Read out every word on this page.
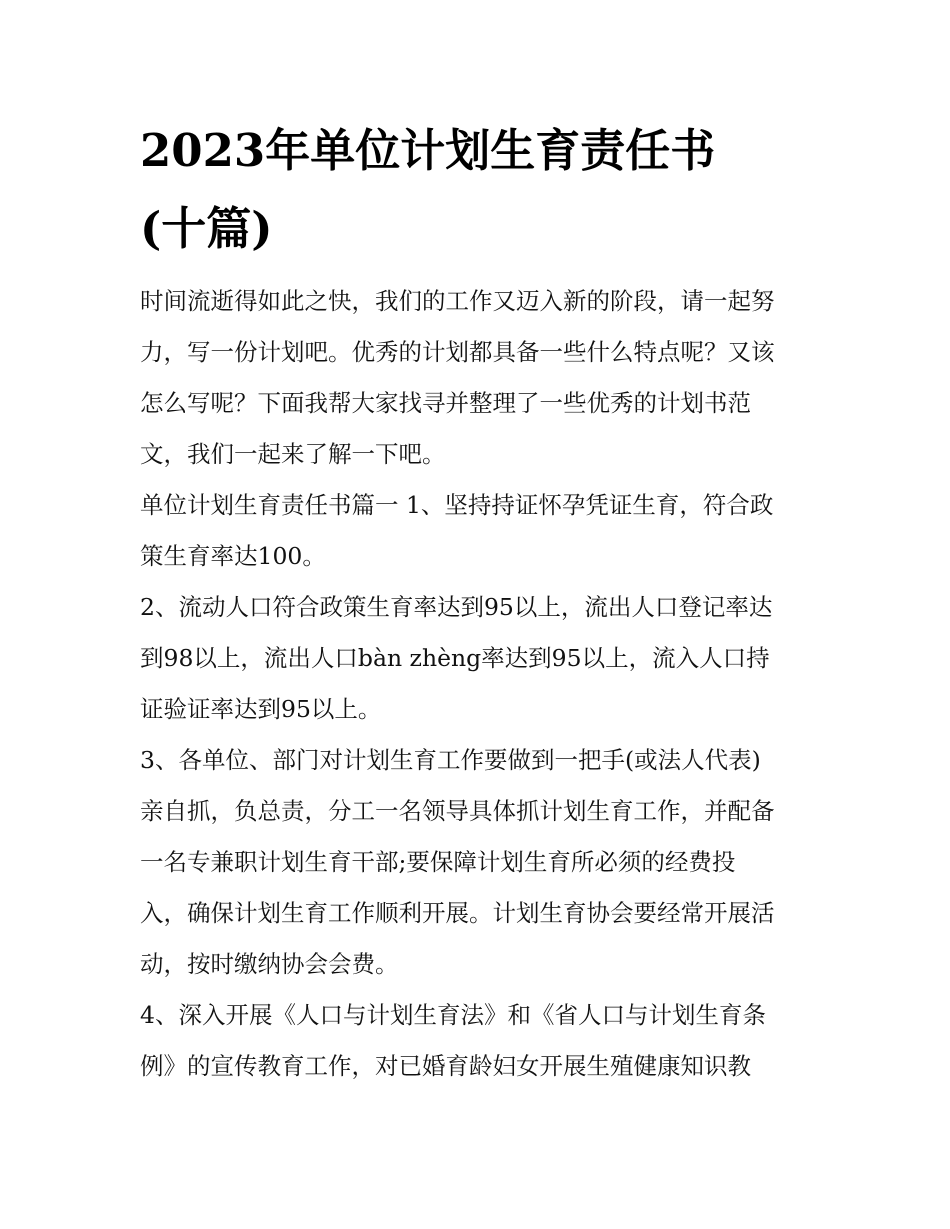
2023年单位计划生育责任书
(十篇)

时间流逝得如此之快，我们的工作又迈入新的阶段，请一起努
力，写一份计划吧。优秀的计划都具备一些什么特点呢？又该
怎么写呢？下面我帮大家找寻并整理了一些优秀的计划书范
文，我们一起来了解一下吧。

单位计划生育责任书篇一 1、坚持持证怀孕凭证生育，符合政
策生育率达100。

2、流动人口符合政策生育率达到95以上，流出人口登记率达
到98以上，流出人口bàn zhèng率达到95以上，流入人口持
证验证率达到95以上。

3、各单位、部门对计划生育工作要做到一把手(或法人代表)
亲自抓，负总责，分工一名领导具体抓计划生育工作，并配备
一名专兼职计划生育干部;要保障计划生育所必须的经费投
入，确保计划生育工作顺利开展。计划生育协会要经常开展活
动，按时缴纳协会会费。

4、深入开展《人口与计划生育法》和《省人口与计划生育条
例》的宣传教育工作，对已婚育龄妇女开展生殖健康知识教
